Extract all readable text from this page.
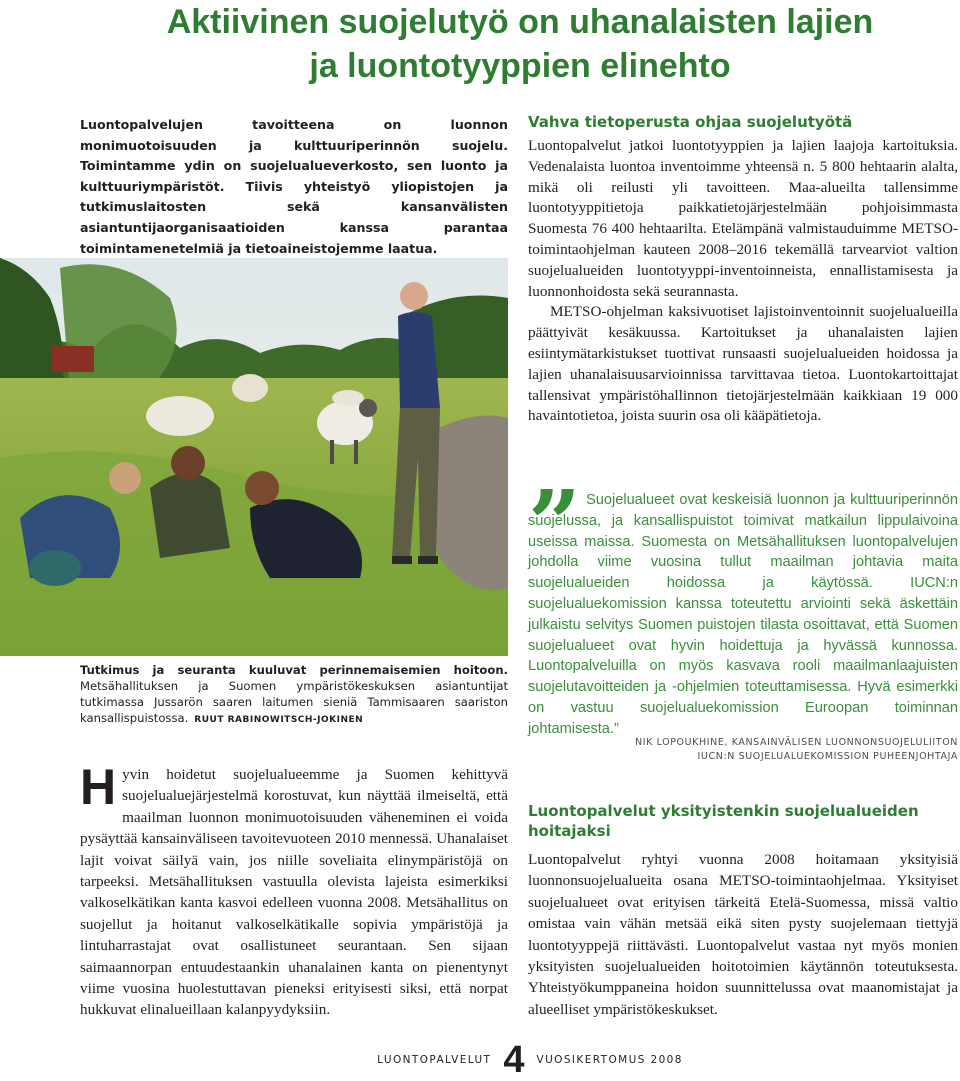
Aktiivinen suojelutyö on uhanalaisten lajien
ja luontotyyppien elinehto
Luontopalvelujen tavoitteena on luonnon monimuotoisuuden ja kulttuuriperinnön suojelu. Toimintamme ydin on suojelualueverkosto, sen luonto ja kulttuuriympäristöt. Tiivis yhteistyö yliopistojen ja tutkimuslaitosten sekä kansanvälisten asiantuntijaorganisaatioiden kanssa parantaa toimintamenetelmiä ja tietoaineistojemme laatua.
Tutkimus ja seuranta kuuluvat perinnemaisemien hoitoon. Metsähallituksen ja Suomen ympäristökeskuksen asiantuntijat tutkimassa Jussarön saaren laitumen sieniä Tammisaaren saariston kansallispuistossa. RUUT RABINOWITSCH-JOKINEN
Hyvin hoidetut suojelualueemme ja Suomen kehittyvä suojelualuejärjestelmä korostuvat, kun näyttää ilmeiseltä, että maailman luonnon monimuotoisuuden väheneminen ei voida pysäyttää kansainväliseen tavoitevuoteen 2010 mennessä. Uhanalaiset lajit voivat säilyä vain, jos niille soveliaita elinympäristöjä on tarpeeksi. Metsähallituksen vastuulla olevista lajeista esimerkiksi valkoselkätikan kanta kasvoi edelleen vuonna 2008. Metsähallitus on suojellut ja hoitanut valkoselkätikalle sopivia ympäristöjä ja lintuharrastajat ovat osallistuneet seurantaan. Sen sijaan saimaannorpan entuudestaankin uhanalainen kanta on pienentynyt viime vuosina huolestuttavan pieneksi erityisesti siksi, että norpat hukkuvat elinalueillaan kalanpyydyksiin.
Vahva tietoperusta ohjaa suojelutyötä

Luontopalvelut jatkoi luontotyyppien ja lajien laajoja kartoituksia. Vedenalaista luontoa inventoimme yhteensä n. 5 800 hehtaarin alalta, mikä oli reilusti yli tavoitteen. Maa-alueilta tallensimme luontotyyppitietoja paikkatietojärjestelmään pohjoisimmasta Suomesta 76 400 hehtaarilta. Etelämpänä valmistauduimme METSO-toimintaohjelman kauteen 2008–2016 tekemällä tarvearviot valtion suojelualueiden luontotyyppi-inventoinneista, ennallistamisesta ja luonnonhoidosta sekä seurannasta.

METSO-ohjelman kaksivuotiset lajistoinventoinnit suojelualueilla päättyivät kesäkuussa. Kartoitukset ja uhanalaisten lajien esiintymätarkistukset tuottivat runsaasti suojelualueiden hoidossa ja lajien uhanalaisuusarvioinnissa tarvittavaa tietoa. Luontokartoittajat tallensivat ympäristöhallinnon tietojärjestelmään kaikkiaan 19 000 havaintotietoa, joista suurin osa oli kääpätietoja.

” Suojelualueet ovat keskeisiä luonnon ja kulttuuriperinnön suojelussa, ja kansallispuistot toimivat matkailun lippulaivoina useissa maissa. Suomesta on Metsähallituksen luontopalvelujen johdolla viime vuosina tullut maailman johtavia maita suojelualueiden hoidossa ja käytössä. IUCN:n suojelualuekomission kanssa toteutettu arviointi sekä äskettäin julkaistu selvitys Suomen puistojen tilasta osoittavat, että Suomen suojelualueet ovat hyvin hoidettuja ja hyvässä kunnossa. Luontopalveluilla on myös kasvava rooli maailmanlaajuisten suojelutavoitteiden ja -ohjelmien toteuttamisessa. Hyvä esimerkki on vastuu suojelualuekomission Euroopan toiminnan johtamisesta.”
NIK LOPOUKHINE, KANSAINVÄLISEN LUONNONSUOJELULIITON
IUCN:N SUOJELUALUEKOMISSION PUHEENJOHTAJA
Luontopalvelut yksityistenkin suojelualueiden hoitajaksi
Luontopalvelut ryhtyi vuonna 2008 hoitamaan yksityisiä luonnonsuojelualueita osana METSO-toimintaohjelmaa. Yksityiset suojelualueet ovat erityisen tärkeitä Etelä-Suomessa, missä valtio omistaa vain vähän metsää eikä siten pysty suojelemaan tiettyjä luontotyyppejä riittävästi. Luontopalvelut vastaa nyt myös monien yksityisten suojelualueiden hoitotoimien käytännön toteutuksesta. Yhteistyökumppaneina hoidon suunnittelussa ovat maanomistajat ja alueelliset ympäristökeskukset.
LUONTOPALVELUT 4 VUOSIKERTOMUS 2008
